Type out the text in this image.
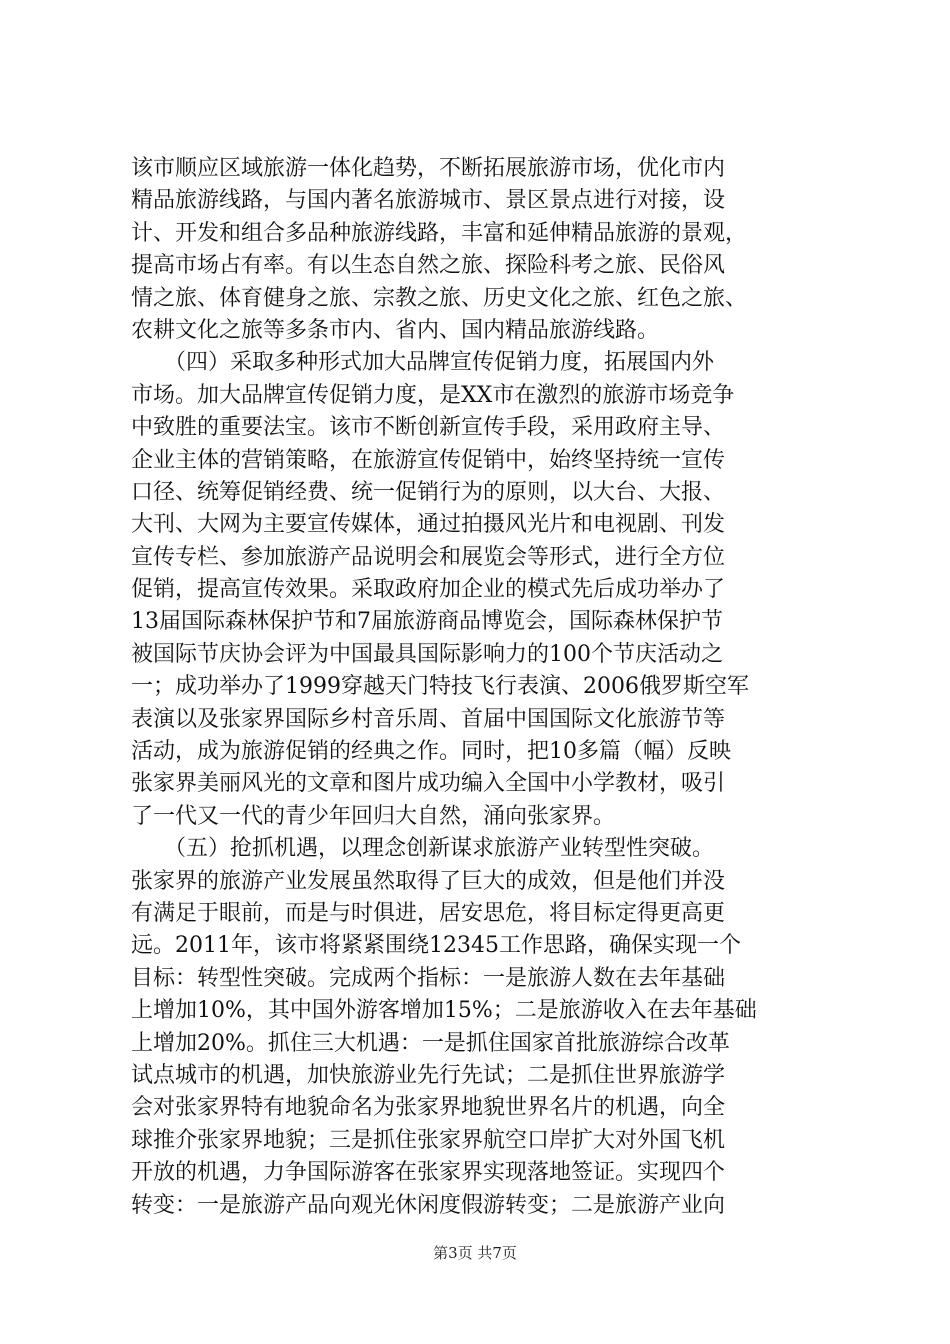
该市顺应区域旅游一体化趋势，不断拓展旅游市场，优化市内
精品旅游线路，与国内著名旅游城市、景区景点进行对接，设
计、开发和组合多品种旅游线路，丰富和延伸精品旅游的景观，
提高市场占有率。有以生态自然之旅、探险科考之旅、民俗风
情之旅、体育健身之旅、宗教之旅、历史文化之旅、红色之旅、
农耕文化之旅等多条市内、省内、国内精品旅游线路。
　　（四）采取多种形式加大品牌宣传促销力度，拓展国内外
市场。加大品牌宣传促销力度，是XX市在激烈的旅游市场竞争
中致胜的重要法宝。该市不断创新宣传手段，采用政府主导、
企业主体的营销策略，在旅游宣传促销中，始终坚持统一宣传
口径、统筹促销经费、统一促销行为的原则，以大台、大报、
大刊、大网为主要宣传媒体，通过拍摄风光片和电视剧、刊发
宣传专栏、参加旅游产品说明会和展览会等形式，进行全方位
促销，提高宣传效果。采取政府加企业的模式先后成功举办了
13届国际森林保护节和7届旅游商品博览会，国际森林保护节
被国际节庆协会评为中国最具国际影响力的100个节庆活动之
一；成功举办了1999穿越天门特技飞行表演、2006俄罗斯空军
表演以及张家界国际乡村音乐周、首届中国国际文化旅游节等
活动，成为旅游促销的经典之作。同时，把10多篇（幅）反映
张家界美丽风光的文章和图片成功编入全国中小学教材，吸引
了一代又一代的青少年回归大自然，涌向张家界。
　　（五）抢抓机遇，以理念创新谋求旅游产业转型性突破。
张家界的旅游产业发展虽然取得了巨大的成效，但是他们并没
有满足于眼前，而是与时俱进，居安思危，将目标定得更高更
远。2011年，该市将紧紧围绕12345工作思路，确保实现一个
目标：转型性突破。完成两个指标：一是旅游人数在去年基础
上增加10%，其中国外游客增加15%；二是旅游收入在去年基础
上增加20%。抓住三大机遇：一是抓住国家首批旅游综合改革
试点城市的机遇，加快旅游业先行先试；二是抓住世界旅游学
会对张家界特有地貌命名为张家界地貌世界名片的机遇，向全
球推介张家界地貌；三是抓住张家界航空口岸扩大对外国飞机
开放的机遇，力争国际游客在张家界实现落地签证。实现四个
转变：一是旅游产品向观光休闲度假游转变；二是旅游产业向
第3页 共7页
